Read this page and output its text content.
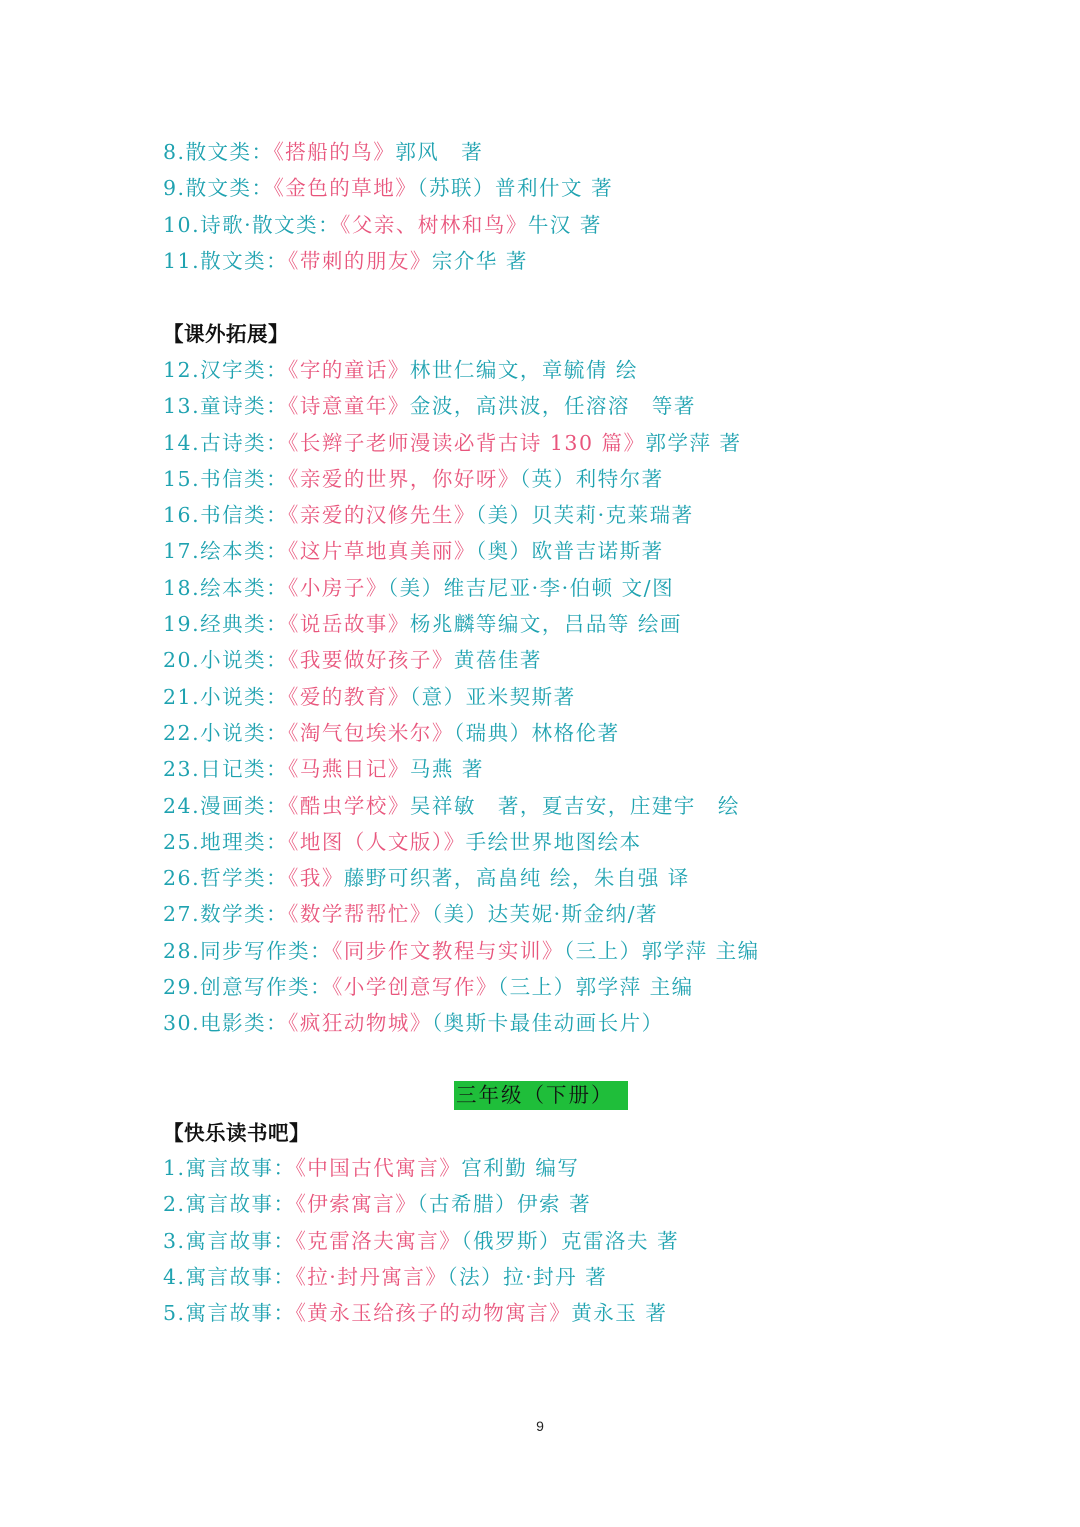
8.散文类：《搭船的鸟》郭风　著
9.散文类：《金色的草地》（苏联）普利什文 著
10.诗歌·散文类：《父亲、树林和鸟》牛汉 著
11.散文类：《带刺的朋友》宗介华 著
【课外拓展】
12.汉字类：《字的童话》林世仁编文，章毓倩 绘
13.童诗类：《诗意童年》金波，高洪波，任溶溶　等著
14.古诗类：《长辫子老师漫读必背古诗 130 篇》郭学萍 著
15.书信类：《亲爱的世界，你好呀》（英）利特尔著
16.书信类：《亲爱的汉修先生》（美）贝芙莉·克莱瑞著
17.绘本类：《这片草地真美丽》（奥）欧普吉诺斯著
18.绘本类：《小房子》（美）维吉尼亚·李·伯顿 文/图
19.经典类：《说岳故事》杨兆麟等编文，吕品等 绘画
20.小说类：《我要做好孩子》黄蓓佳著
21.小说类：《爱的教育》（意）亚米契斯著
22.小说类：《淘气包埃米尔》（瑞典）林格伦著
23.日记类：《马燕日记》马燕 著
24.漫画类：《酷虫学校》吴祥敏　著，夏吉安，庄建宇　绘
25.地理类：《地图（人文版）》手绘世界地图绘本
26.哲学类：《我》藤野可织著，高畠纯 绘，朱自强 译
27.数学类：《数学帮帮忙》（美）达芙妮·斯金纳/著
28.同步写作类：《同步作文教程与实训》（三上）郭学萍 主编
29.创意写作类：《小学创意写作》（三上）郭学萍 主编
30.电影类：《疯狂动物城》（奥斯卡最佳动画长片）
三年级（下册）
【快乐读书吧】
1.寓言故事：《中国古代寓言》宫利勤 编写
2.寓言故事：《伊索寓言》（古希腊）伊索 著
3.寓言故事：《克雷洛夫寓言》（俄罗斯）克雷洛夫 著
4.寓言故事：《拉·封丹寓言》（法）拉·封丹 著
5.寓言故事：《黄永玉给孩子的动物寓言》黄永玉 著
9
